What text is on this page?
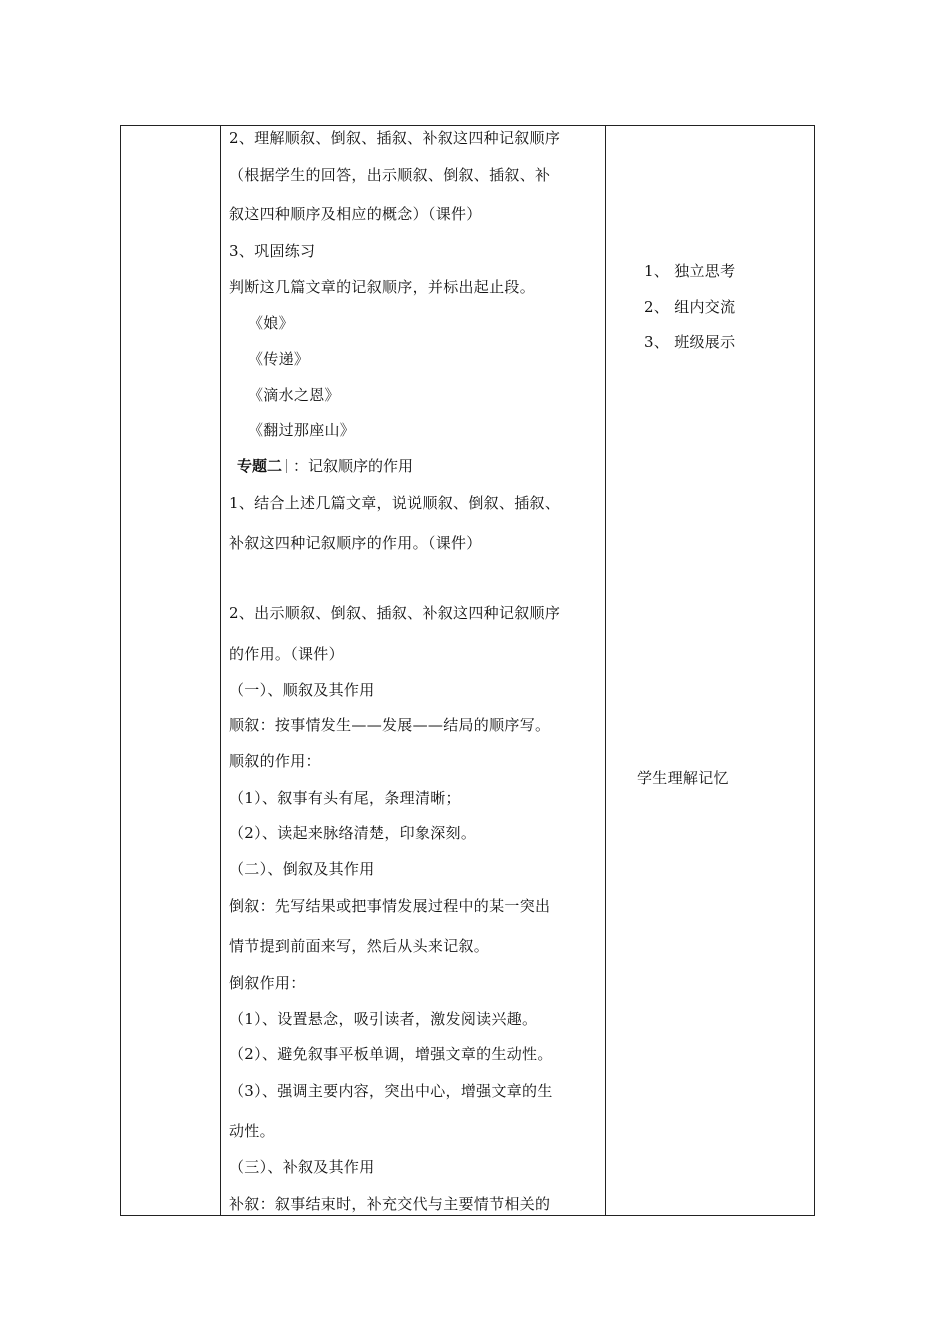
2、理解顺叙、倒叙、插叙、补叙这四种记叙顺序
（根据学生的回答，出示顺叙、倒叙、插叙、补
叙这四种顺序及相应的概念）（课件）
3、巩固练习
判断这几篇文章的记叙顺序，并标出起止段。
《娘》
《传递》
《滴水之恩》
《翻过那座山》
专题二 ：记叙顺序的作用
1、结合上述几篇文章，说说顺叙、倒叙、插叙、
补叙这四种记叙顺序的作用。（课件）
2、出示顺叙、倒叙、插叙、补叙这四种记叙顺序
的作用。（课件）
（一）、顺叙及其作用
顺叙：按事情发生——发展——结局的顺序写。
顺叙的作用：
（1）、叙事有头有尾，条理清晰；
（2）、读起来脉络清楚，印象深刻。
（二）、倒叙及其作用
倒叙：先写结果或把事情发展过程中的某一突出
情节提到前面来写，然后从头来记叙。
倒叙作用：
（1）、设置悬念，吸引读者，激发阅读兴趣。
（2）、避免叙事平板单调，增强文章的生动性。
（3）、强调主要内容，突出中心，增强文章的生
动性。
（三）、补叙及其作用
补叙：叙事结束时，补充交代与主要情节相关的
1、 独立思考
2、 组内交流
3、 班级展示
学生理解记忆
